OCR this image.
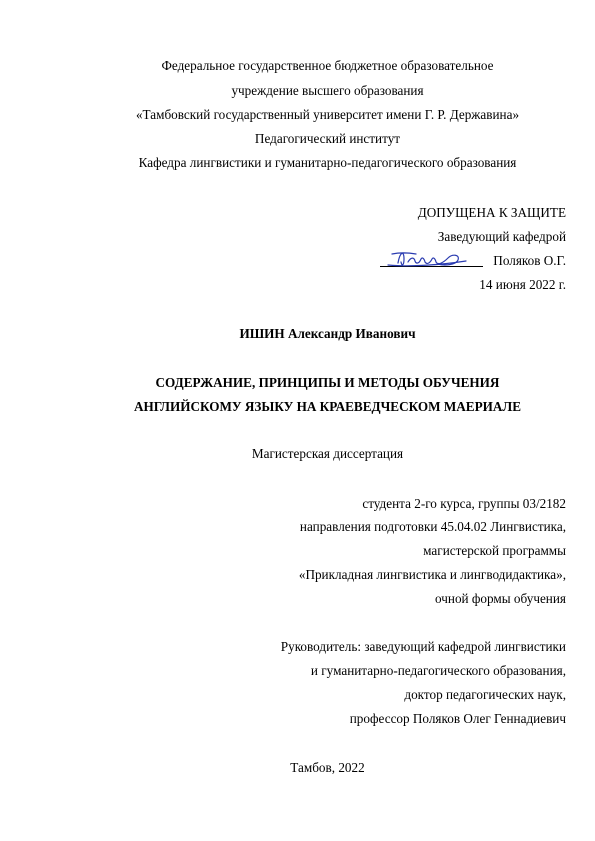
Федеральное государственное бюджетное образовательное
учреждение высшего образования
«Тамбовский государственный университет имени Г. Р. Державина»
Педагогический институт
Кафедра лингвистики и гуманитарно-педагогического образования
ДОПУЩЕНА К ЗАЩИТЕ
Заведующий кафедрой
Поляков О.Г.
14 июня 2022 г.
ИШИН Александр Иванович
СОДЕРЖАНИЕ, ПРИНЦИПЫ И МЕТОДЫ ОБУЧЕНИЯ
АНГЛИЙСКОМУ ЯЗЫКУ НА КРАЕВЕДЧЕСКОМ МАЕРИАЛЕ
Магистерская диссертация
студента 2-го курса, группы 03/2182
направления подготовки 45.04.02 Лингвистика,
магистерской программы
«Прикладная лингвистика и лингводидактика»,
очной формы обучения
Руководитель: заведующий кафедрой лингвистики
и гуманитарно-педагогического образования,
доктор педагогических наук,
профессор Поляков Олег Геннадиевич
Тамбов, 2022
